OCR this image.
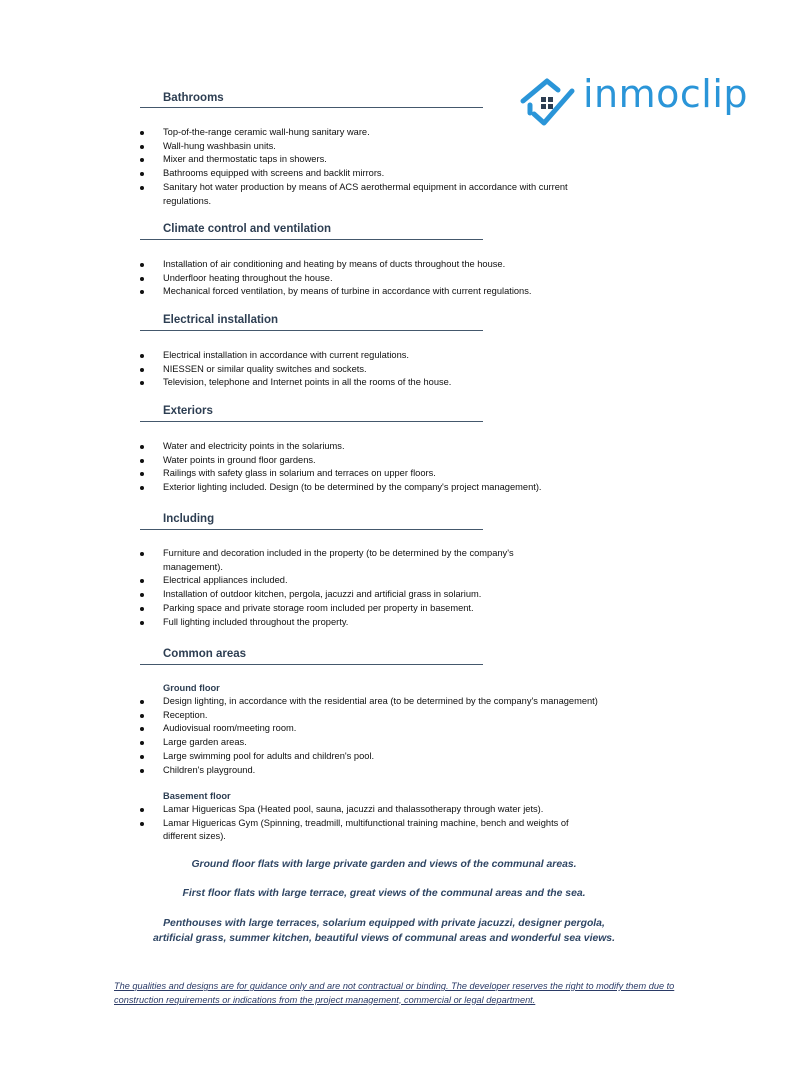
inmoclip
Bathrooms
Top-of-the-range ceramic wall-hung sanitary ware.
Wall-hung washbasin units.
Mixer and thermostatic taps in showers.
Bathrooms equipped with screens and backlit mirrors.
Sanitary hot water production by means of ACS aerothermal equipment in accordance with current regulations.
Climate control and ventilation
Installation of air conditioning and heating by means of ducts throughout the house.
Underfloor heating throughout the house.
Mechanical forced ventilation, by means of turbine in accordance with current regulations.
Electrical installation
Electrical installation in accordance with current regulations.
NIESSEN or similar quality switches and sockets.
Television, telephone and Internet points in all the rooms of the house.
Exteriors
Water and electricity points in the solariums.
Water points in ground floor gardens.
Railings with safety glass in solarium and terraces on upper floors.
Exterior lighting included. Design (to be determined by the company's project management).
Including
Furniture and decoration included in the property (to be determined by the company's management).
Electrical appliances included.
Installation of outdoor kitchen, pergola, jacuzzi and artificial grass in solarium.
Parking space and private storage room included per property in basement.
Full lighting included throughout the property.
Common areas
Ground floor
Design lighting, in accordance with the residential area (to be determined by the company's management)
Reception.
Audiovisual room/meeting room.
Large garden areas.
Large swimming pool for adults and children's pool.
Children's playground.
Basement floor
Lamar Higuericas Spa (Heated pool, sauna, jacuzzi and thalassotherapy through water jets).
Lamar Higuericas Gym (Spinning, treadmill, multifunctional training machine, bench and weights of different sizes).
Ground floor flats with large private garden and views of the communal areas.
First floor flats with large terrace, great views of the communal areas and the sea.
Penthouses with large terraces, solarium equipped with private jacuzzi, designer pergola, artificial grass, summer kitchen, beautiful views of communal areas and wonderful sea views.
The qualities and designs are for guidance only and are not contractual or binding. The developer reserves the right to modify them due to construction requirements or indications from the project management, commercial or legal department.
